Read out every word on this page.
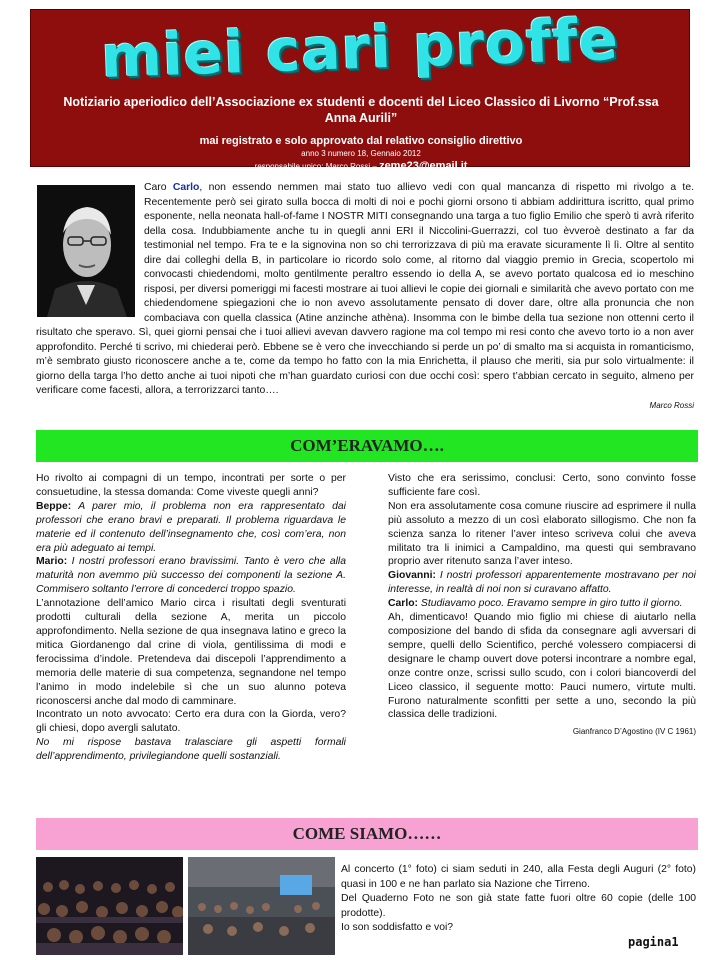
miei cari proffe
Notiziario aperiodico dell’Associazione ex studenti e docenti del Liceo Classico di Livorno “Prof.ssa Anna Aurili”
mai registrato e solo approvato dal relativo consiglio direttivo
anno 3 numero 18, Gennaio 2012
responsabile unico: Marco Rossi – zeme23@email.it

Caro Carlo, non essendo nemmen mai stato tuo allievo vedi con qual mancanza di rispetto mi rivolgo a te. Recentemente però sei girato sulla bocca di molti di noi e pochi giorni orsono ti abbiam addirittura iscritto, qual primo esponente, nella neonata hall-of-fame I NOSTR MITI consegnando una targa a tuo figlio Emilio che sperò ti avrà riferito della cosa. Indubbiamente anche tu in quegli anni ERI il Niccolini-Guerrazzi, col tuo èvveroè destinato a far da testimonial nel tempo. Fra te e la signovina non so chi terrorizzava di più ma eravate sicuramente lì lì. Oltre al sentito dire dai colleghi della B, in particolare io ricordo solo come, al ritorno dal viaggio premio in Grecia, scopertolo mi convocasti chiedendomi, molto gentilmente peraltro essendo io della A, se avevo portato qualcosa ed io meschino risposi, per diversi pomeriggi mi facesti mostrare ai tuoi allievi le copie dei giornali e similarità che avevo portato con me chiedendomene spiegazioni che io non avevo assolutamente pensato di dover dare, oltre alla pronuncia che non combaciava con quella classica (Atine anzinche athèna). Insomma con le bimbe della tua sezione non ottenni certo il risultato che speravo. Sì, quei giorni pensai che i tuoi allievi avevan davvero ragione ma col tempo mi resi conto che avevo torto io a non aver approfondito. Perché ti scrivo, mi chiederai però. Ebbene se è vero che invecchiando si perde un po’ di smalto ma si acquista in romanticismo, m’è sembrato giusto riconoscere anche a te, come da tempo ho fatto con la mia Enrichetta, il plauso che meriti, sia pur solo virtualmente: il giorno della targa l’ho detto anche ai tuoi nipoti che m’han guardato curiosi con due occhi così: spero t’abbian cercato in seguito, almeno per verificare come facesti, allora, a terrorizzarci tanto….
Marco Rossi

COM’ERAVAMO….

Ho rivolto ai compagni di un tempo, incontrati per sorte o per consuetudine, la stessa domanda: Come viveste quegli anni?

Beppe: A parer mio, il problema non era rappresentato dai professori che erano bravi e preparati. Il problema riguardava le materie ed il contenuto dell’insegnamento che, così com’era, non era più adeguato ai tempi.

Mario: I nostri professori erano bravissimi. Tanto è vero che alla maturità non avemmo più successo dei componenti la sezione A. Commisero soltanto l’errore di concederci troppo spazio.

L’annotazione dell’amico Mario circa i risultati degli sventurati prodotti culturali della sezione A, merita un piccolo approfondimento. Nella sezione de qua insegnava latino e greco la mitica Giordanengo dal crine di viola, gentilissima di modi e ferocissima d’indole. Pretendeva dai discepoli l’apprendimento a memoria delle materie di sua competenza, segnandone nel tempo l’animo in modo indelebile sì che un suo alunno poteva riconoscersi anche dal modo di camminare.

Incontrato un noto avvocato: Certo era dura con la Giorda, vero? gli chiesi, dopo avergli salutato.

No mi rispose bastava tralasciare gli aspetti formali dell’apprendimento, privilegiandone quelli sostanziali.

Visto che era serissimo, conclusi: Certo, sono convinto fosse sufficiente fare così.

Non era assolutamente cosa comune riuscire ad esprimere il nulla più assoluto a mezzo di un così elaborato sillogismo. Che non fa scienza sanza lo ritener l’aver inteso scriveva colui che aveva militato tra li inimici a Campaldino, ma questi qui sembravano proprio aver ritenuto sanza l’aver inteso.

Giovanni: I nostri professori apparentemente mostravano per noi interesse, in realtà di noi non si curavano affatto.

Carlo: Studiavamo poco. Eravamo sempre in giro tutto il giorno.

Ah, dimenticavo! Quando mio figlio mi chiese di aiutarlo nella composizione del bando di sfida da consegnare agli avversari di sempre, quelli dello Scientifico, perché volessero compiacersi di designare le champ ouvert dove potersi incontrare a nombre egal, onze contre onze, scrissi sullo scudo, con i colori biancoverdi del Liceo classico, il seguente motto: Pauci numero, virtute multi. Furono naturalmente sconfitti per sette a uno, secondo la più classica delle tradizioni.

Gianfranco D’Agostino (IV C 1961)
COME SIAMO……

Al concerto (1° foto) ci siam seduti in 240, alla Festa degli Auguri (2° foto) quasi in 100 e ne han parlato sia Nazione che Tirreno.

Del Quaderno Foto ne son già state fatte fuori oltre 60 copie (delle 100 prodotte).

Io son soddisfatto e voi?

pagina1
